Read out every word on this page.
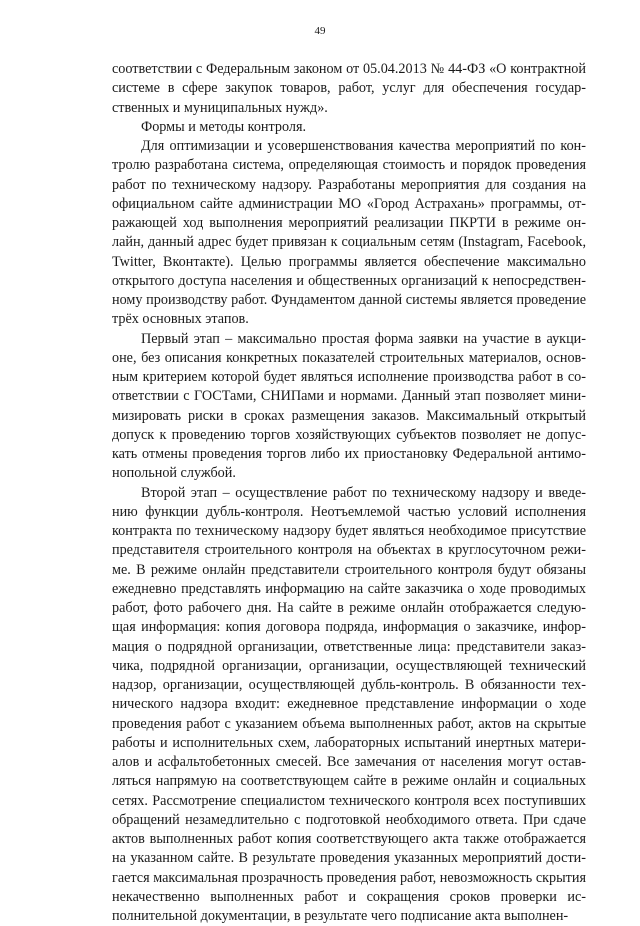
49

соответствии с Федеральным законом от 05.04.2013 № 44-ФЗ «О контрактной системе в сфере закупок товаров, работ, услуг для обеспечения государственных и муниципальных нужд».

Формы и методы контроля.

Для оптимизации и усовершенствования качества мероприятий по контролю разработана система, определяющая стоимость и порядок проведения работ по техническому надзору. Разработаны мероприятия для создания на официальном сайте администрации МО «Город Астрахань» программы, отражающей ход выполнения мероприятий реализации ПКРТИ в режиме онлайн, данный адрес будет привязан к социальным сетям (Instagram, Facebook, Twitter, Вконтакте). Целью программы является обеспечение максимально открытого доступа населения и общественных организаций к непосредственному производству работ. Фундаментом данной системы является проведение трёх основных этапов.

Первый этап – максимально простая форма заявки на участие в аукционе, без описания конкретных показателей строительных материалов, основным критерием которой будет являться исполнение производства работ в соответствии с ГОСТами, СНИПами и нормами. Данный этап позволяет минимизировать риски в сроках размещения заказов. Максимальный открытый допуск к проведению торгов хозяйствующих субъектов позволяет не допускать отмены проведения торгов либо их приостановку Федеральной антимонопольной службой.

Второй этап – осуществление работ по техническому надзору и введению функции дубль-контроля. Неотъемлемой частью условий исполнения контракта по техническому надзору будет являться необходимое присутствие представителя строительного контроля на объектах в круглосуточном режиме. В режиме онлайн представители строительного контроля будут обязаны ежедневно представлять информацию на сайте заказчика о ходе проводимых работ, фото рабочего дня. На сайте в режиме онлайн отображается следующая информация: копия договора подряда, информация о заказчике, информация о подрядной организации, ответственные лица: представители заказчика, подрядной организации, организации, осуществляющей технический надзор, организации, осуществляющей дубль-контроль. В обязанности технического надзора входит: ежедневное представление информации о ходе проведения работ с указанием объема выполненных работ, актов на скрытые работы и исполнительных схем, лабораторных испытаний инертных материалов и асфальтобетонных смесей. Все замечания от населения могут оставляться напрямую на соответствующем сайте в режиме онлайн и социальных сетях. Рассмотрение специалистом технического контроля всех поступивших обращений незамедлительно с подготовкой необходимого ответа. При сдаче актов выполненных работ копия соответствующего акта также отображается на указанном сайте. В результате проведения указанных мероприятий достигается максимальная прозрачность проведения работ, невозможность скрытия некачественно выполненных работ и сокращения сроков проверки исполнительной документации, в результате чего подписание акта выполнен-
